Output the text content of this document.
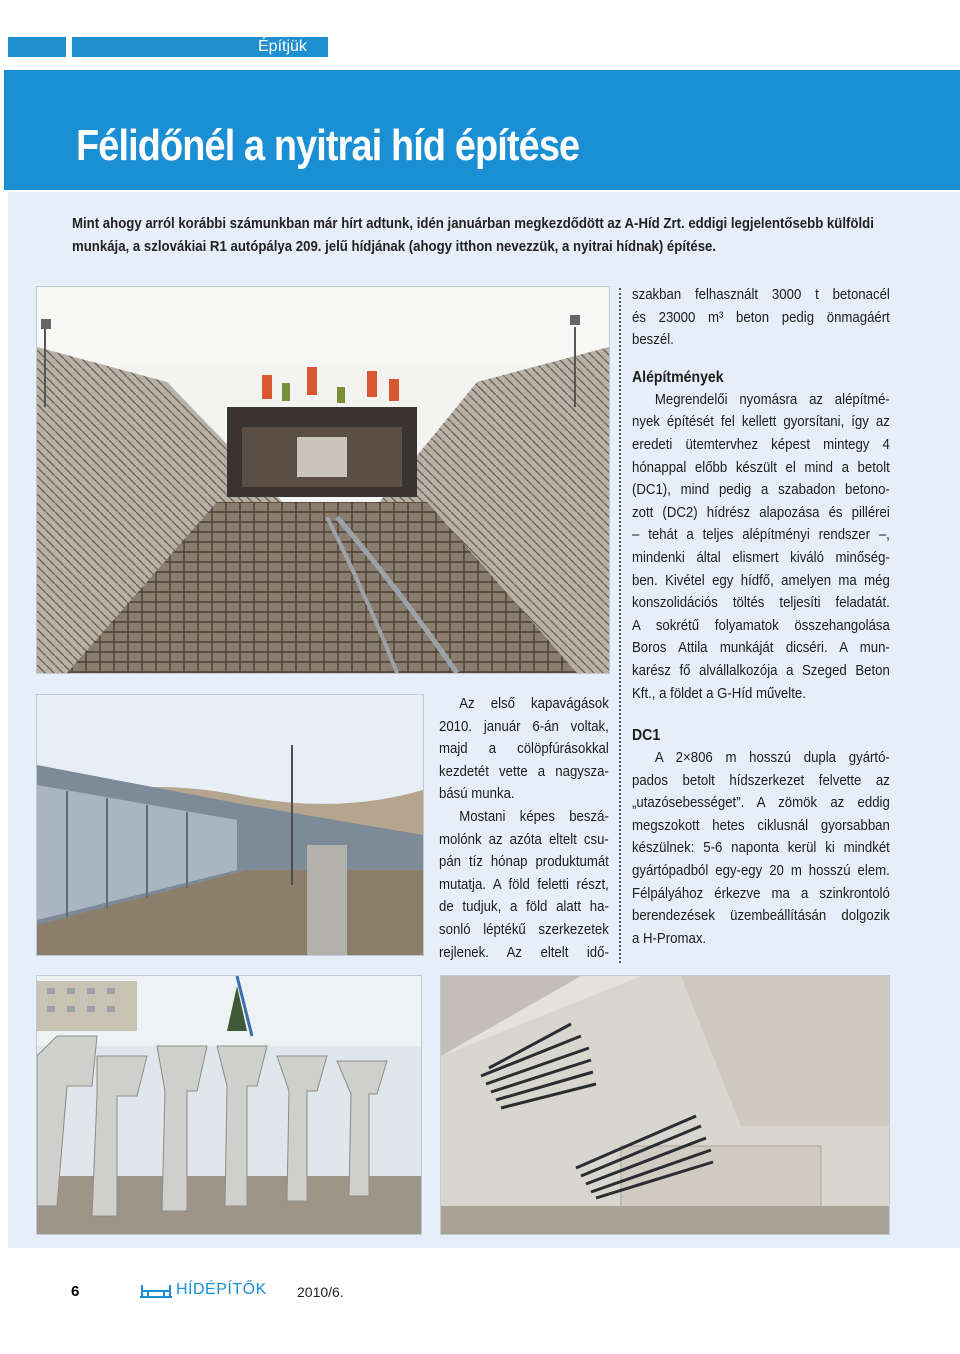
Építjük
Félidőnél a nyitrai híd építése
Mint ahogy arról korábbi számunkban már hírt adtunk, idén januárban megkezdődött az A-Híd Zrt. eddigi legjelentősebb külföldi
munkája, a szlovákiai R1 autópálya 209. jelű hídjának (ahogy itthon nevezzük, a nyitrai hídnak) építése.
Az első kapavágások
2010. január 6-án voltak,
majd a cölöpfúrásokkal
kezdetét vette a nagysza-
bású munka.
Mostani képes beszá-
molónk az azóta eltelt csu-
pán tíz hónap produktumát
mutatja. A föld feletti részt,
de tudjuk, a föld alatt ha-
sonló léptékű szerkezetek
rejlenek. Az eltelt idő-
szakban felhasznált 3000 t betonacél
és 23000 m³ beton pedig önmagáért
beszél.
Alépítmények
Megrendelői nyomásra az alépítmé-
nyek építését fel kellett gyorsítani, így az
eredeti ütemtervhez képest mintegy 4
hónappal előbb készült el mind a betolt
(DC1), mind pedig a szabadon betono-
zott (DC2) hídrész alapozása és pillérei
– tehát a teljes alépítményi rendszer –,
mindenki által elismert kiváló minőség-
ben. Kivétel egy hídfő, amelyen ma még
konszolidációs töltés teljesíti feladatát.
A sokrétű folyamatok összehangolása
Boros Attila munkáját dicséri. A mun-
karész fő alvállalkozója a Szeged Beton
Kft., a földet a G-Híd művelte.
DC1
A 2×806 m hosszú dupla gyártó-
pados betolt hídszerkezet felvette az
„utazósebességet”. A zömök az eddig
megszokott hetes ciklusnál gyorsabban
készülnek: 5-6 naponta kerül ki mindkét
gyártópadból egy-egy 20 m hosszú elem.
Félpályához érkezve ma a szinkrontoló
berendezések üzembeállításán dolgozik
a H-Promax.
6	HÍDÉPÍTŐK 2010/6.
